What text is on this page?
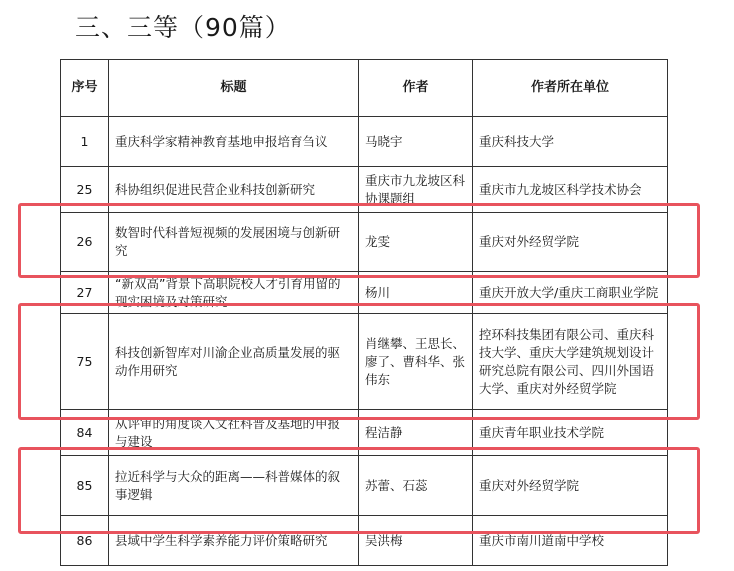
三、三等（90篇）
序号	标题	作者	作者所在单位
1	重庆科学家精神教育基地申报培育刍议	马晓宇	重庆科技大学

25	科协组织促进民营企业科技创新研究	重庆市九龙坡区科协课题组	重庆市九龙坡区科学技术协会

26	数智时代科普短视频的发展困境与创新研究	龙雯	重庆对外经贸学院

27	“新双高”背景下高职院校人才引育用留的现实困境及对策研究	杨川	重庆开放大学/重庆工商职业学院

75	科技创新智库对川渝企业高质量发展的驱动作用研究	肖继攀、王思长、廖了、曹科华、张伟东	控环科技集团有限公司、重庆科技大学、重庆大学建筑规划设计研究总院有限公司、四川外国语大学、重庆对外经贸学院

84	从评审的角度谈入文社科普及基地的申报与建设	程洁静	重庆青年职业技术学院

85	拉近科学与大众的距离——科普媒体的叙事逻辑	苏蕾、石蕊	重庆对外经贸学院

86	县域中学生科学素养能力评价策略研究	吴洪梅	重庆市南川道南中学校
